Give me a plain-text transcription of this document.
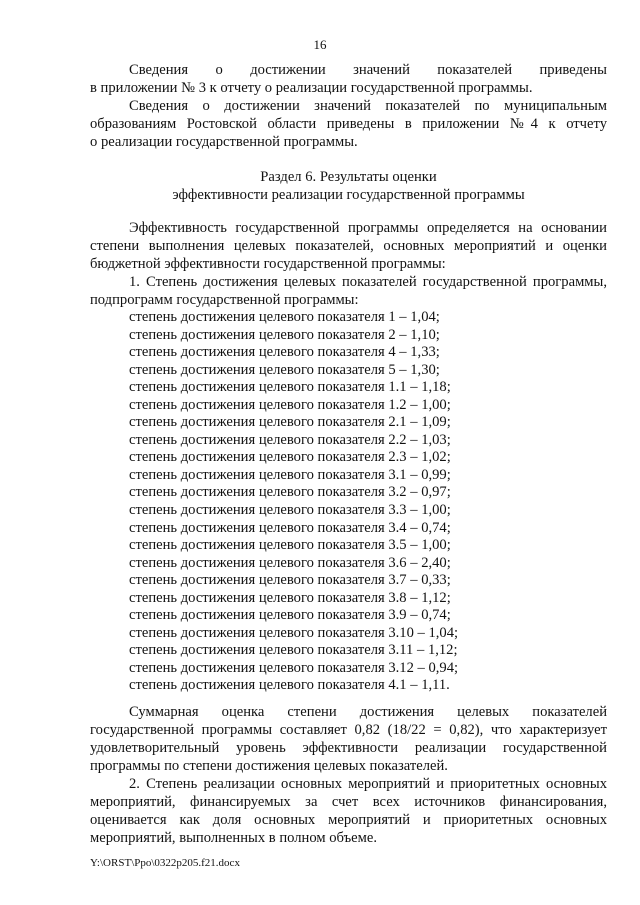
16

Сведения о достижении значений показателей приведены

в приложении № 3 к отчету о реализации государственной программы.

Сведения о достижении значений показателей по муниципальным

образованиям Ростовской области приведены в приложении №4 к отчету

о реализации государственной программы.

Раздел 6. Результаты оценки

эффективности реализации государственной программы

Эффективность государственной программы определяется на основании

степени выполнения целевых показателей, основных мероприятий и оценки

бюджетной эффективности государственной программы:

1. Степень достижения целевых показателей государственной программы,

подпрограмм государственной программы:

степень достижения целевого показателя 1 – 1,04;
степень достижения целевого показателя 2 – 1,10;
степень достижения целевого показателя 4 – 1,33;
степень достижения целевого показателя 5 – 1,30;
степень достижения целевого показателя 1.1 – 1,18;
степень достижения целевого показателя 1.2 – 1,00;
степень достижения целевого показателя 2.1 – 1,09;
степень достижения целевого показателя 2.2 – 1,03;
степень достижения целевого показателя 2.3 – 1,02;
степень достижения целевого показателя 3.1 – 0,99;
степень достижения целевого показателя 3.2 – 0,97;
степень достижения целевого показателя 3.3 – 1,00;
степень достижения целевого показателя 3.4 – 0,74;
степень достижения целевого показателя 3.5 – 1,00;
степень достижения целевого показателя 3.6 – 2,40;
степень достижения целевого показателя 3.7 – 0,33;
степень достижения целевого показателя 3.8 – 1,12;
степень достижения целевого показателя 3.9 – 0,74;
степень достижения целевого показателя 3.10 – 1,04;
степень достижения целевого показателя 3.11 – 1,12;
степень достижения целевого показателя 3.12 – 0,94;
степень достижения целевого показателя 4.1 – 1,11.

Суммарная оценка степени достижения целевых показателей

государственной программы составляет 0,82 (18/22 = 0,82), что характеризует

удовлетворительный уровень эффективности реализации государственной

программы по степени достижения целевых показателей.

2. Степень реализации основных мероприятий и приоритетных основных

мероприятий, финансируемых за счет всех источников финансирования,

оценивается как доля основных мероприятий и приоритетных основных

мероприятий, выполненных в полном объеме.

Y:\ORST\Ppo\0322p205.f21.docx
